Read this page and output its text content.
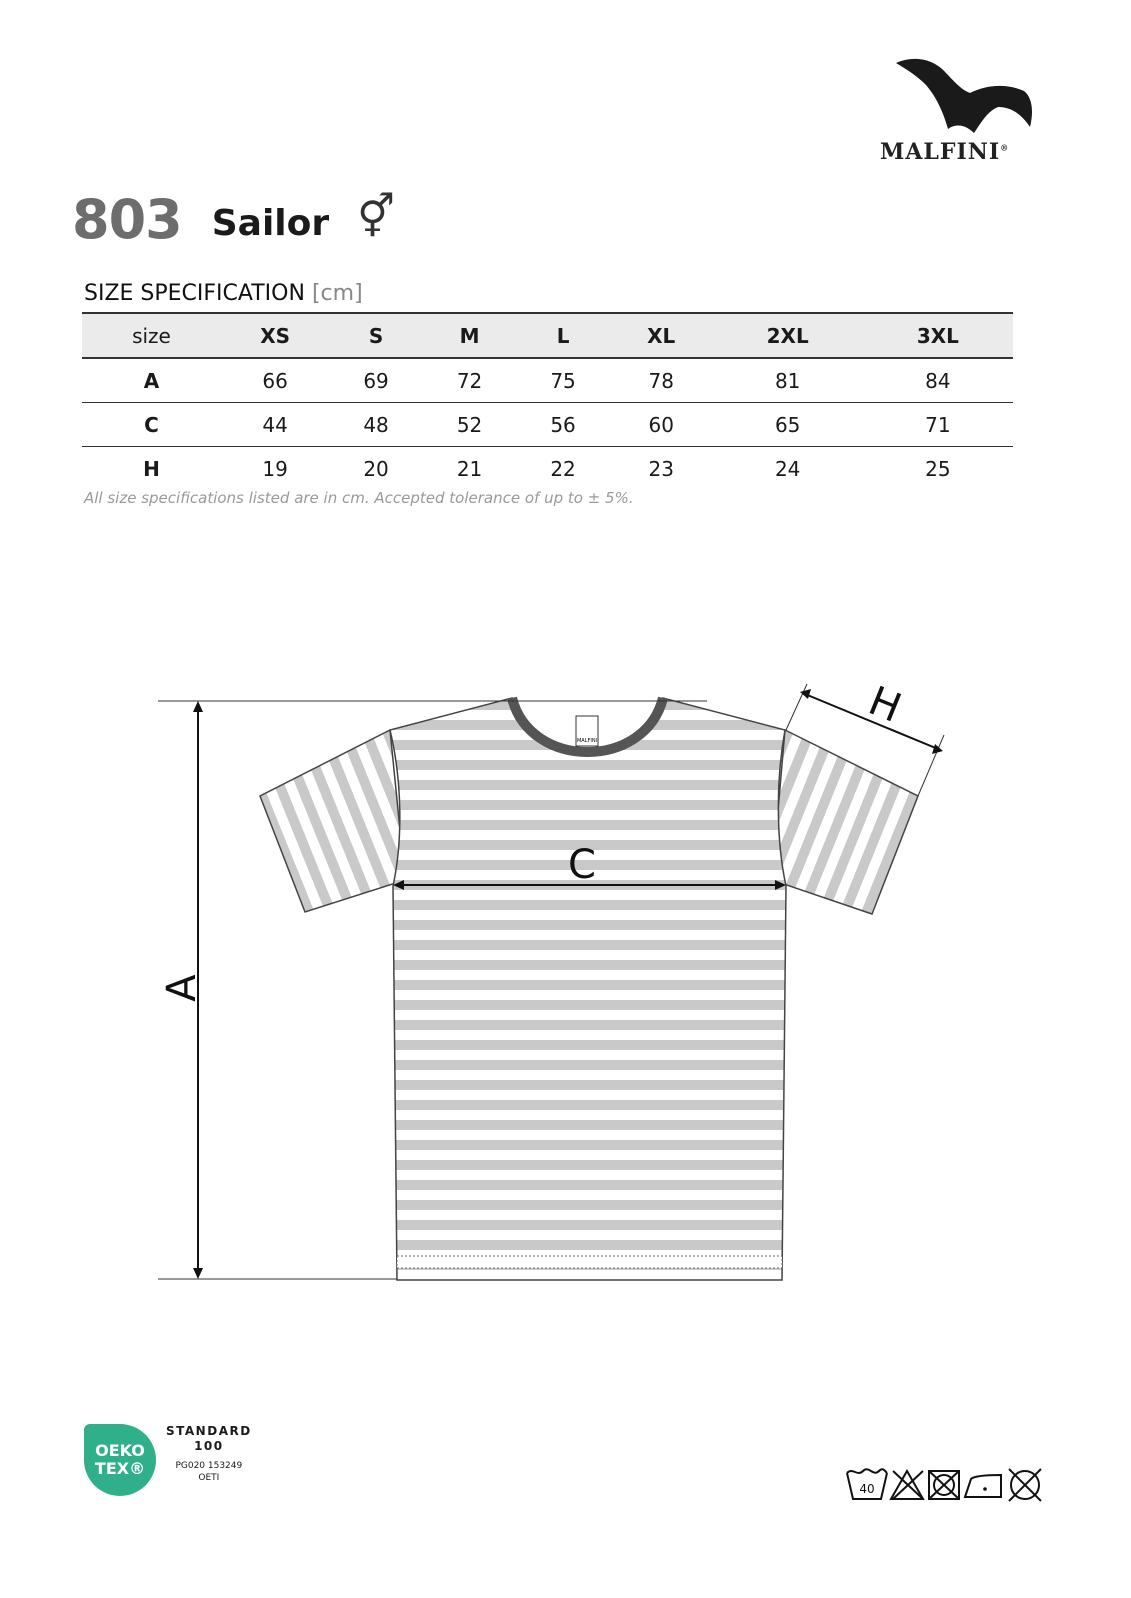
MALFINI®
803 Sailor ⚥
SIZE SPECIFICATION [cm]
size	XS	S	M	L	XL	2XL	3XL
A	66	69	72	75	78	81	84
C	44	48	52	56	60	65	71
H	19	20	21	22	23	24	25
All size specifications listed are in cm. Accepted tolerance of up to ± 5%.
MALFINI
A
C
H
OEKO
TEX®
STANDARD
100
PG020 153249
OETI
40
